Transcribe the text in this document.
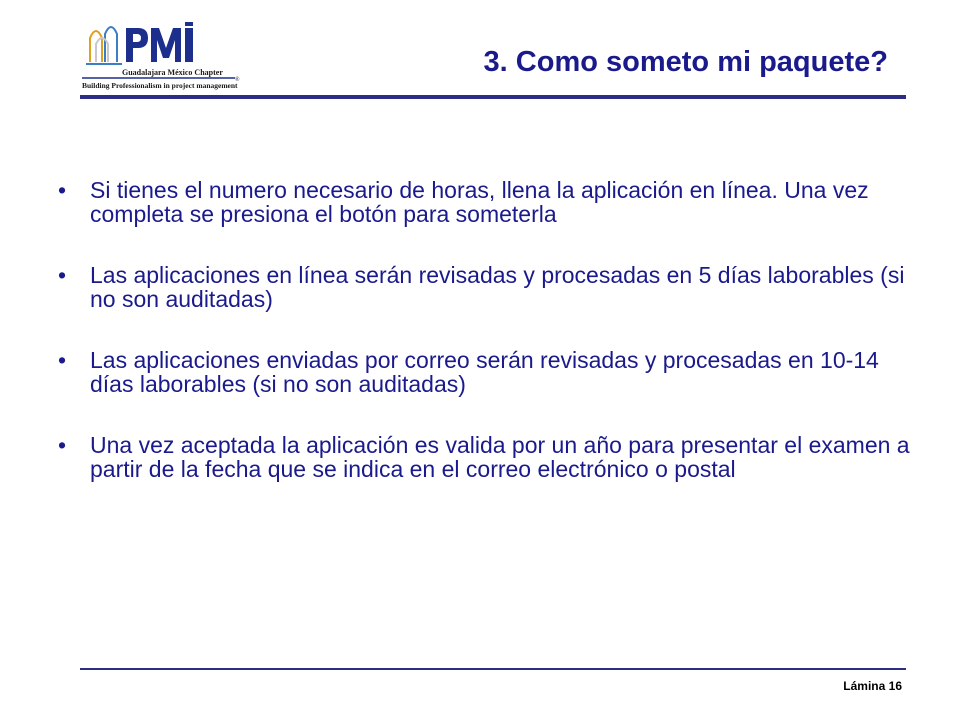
Guadalajara México Chapter
Building Professionalism in project management
®
3. Como someto mi paquete?
•	Si tienes el numero necesario de horas, llena la aplicación en línea. Una vez completa se presiona el botón para someterla
•	Las aplicaciones en línea serán revisadas y procesadas en 5 días laborables (si no son auditadas)
•	Las aplicaciones enviadas por correo serán revisadas y procesadas en 10-14 días laborables (si no son auditadas)
•	Una vez aceptada la aplicación es valida por un año para presentar el examen a partir de la fecha que se indica en el correo electrónico o postal
Lámina 16
